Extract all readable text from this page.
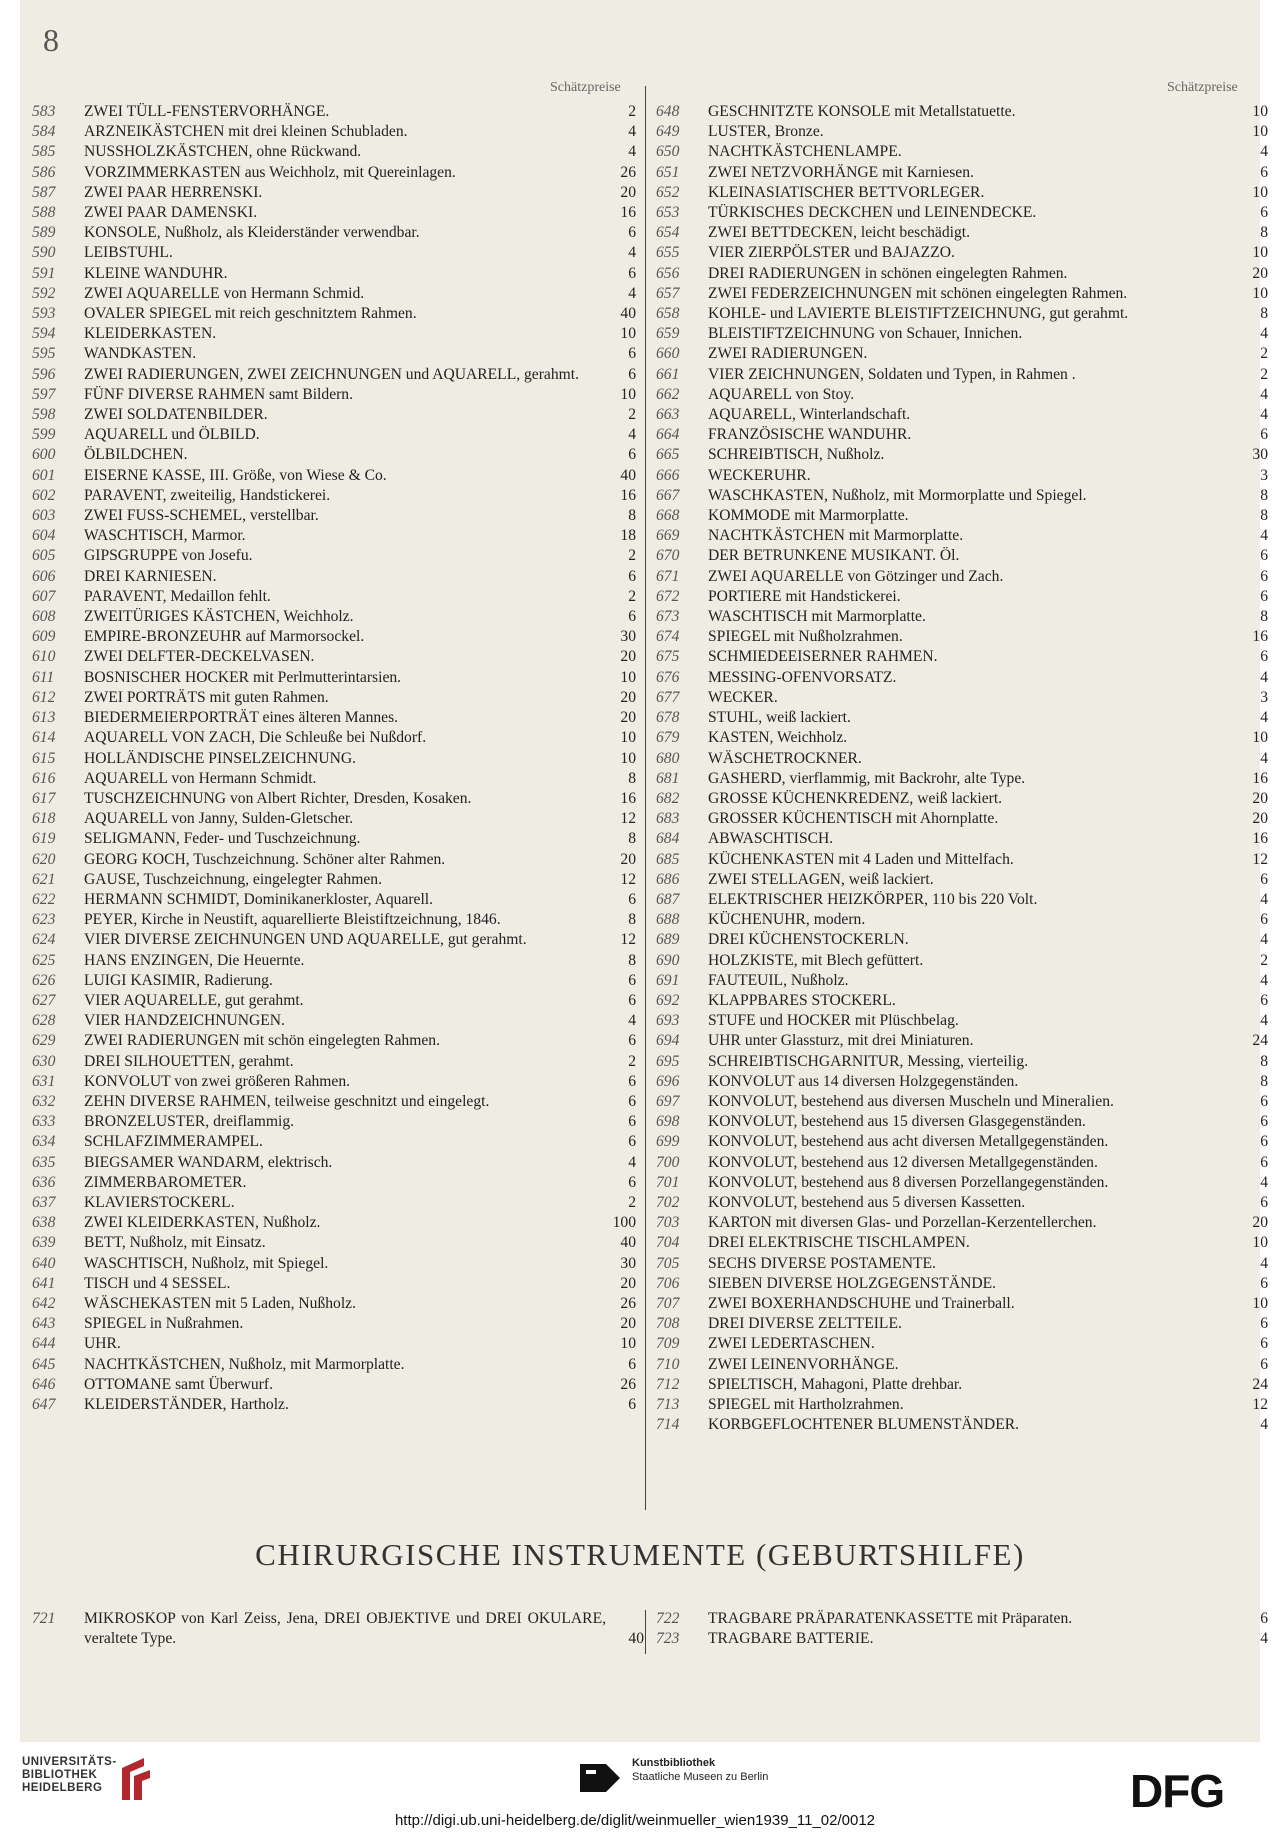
8
Schätzpreise	Schätzpreise
583	ZWEI TÜLL-FENSTERVORHÄNGE.	2
584	ARZNEIKÄSTCHEN mit drei kleinen Schubladen.	4
585	NUSSHOLZKÄSTCHEN, ohne Rückwand.	4
586	VORZIMMERKASTEN aus Weichholz, mit Quereinlagen.	26
587	ZWEI PAAR HERRENSKI.	20
588	ZWEI PAAR DAMENSKI.	16
589	KONSOLE, Nußholz, als Kleiderständer verwendbar.	6
590	LEIBSTUHL.	4
591	KLEINE WANDUHR.	6
592	ZWEI AQUARELLE von Hermann Schmid.	4
593	OVALER SPIEGEL mit reich geschnitztem Rahmen.	40
594	KLEIDERKASTEN.	10
595	WANDKASTEN.	6
596	ZWEI RADIERUNGEN, ZWEI ZEICHNUNGEN und AQUARELL, gerahmt.	6
597	FÜNF DIVERSE RAHMEN samt Bildern.	10
598	ZWEI SOLDATENBILDER.	2
599	AQUARELL und ÖLBILD.	4
600	ÖLBILDCHEN.	6
601	EISERNE KASSE, III. Größe, von Wiese & Co.	40
602	PARAVENT, zweiteilig, Handstickerei.	16
603	ZWEI FUSS-SCHEMEL, verstellbar.	8
604	WASCHTISCH, Marmor.	18
605	GIPSGRUPPE von Josefu.	2
606	DREI KARNIESEN.	6
607	PARAVENT, Medaillon fehlt.	2
608	ZWEITÜRIGES KÄSTCHEN, Weichholz.	6
609	EMPIRE-BRONZEUHR auf Marmorsockel.	30
610	ZWEI DELFTER-DECKELVASEN.	20
611	BOSNISCHER HOCKER mit Perlmutterintarsien.	10
612	ZWEI PORTRÄTS mit guten Rahmen.	20
613	BIEDERMEIERPORTRÄT eines älteren Mannes.	20
614	AQUARELL VON ZACH, Die Schleuße bei Nußdorf.	10
615	HOLLÄNDISCHE PINSELZEICHNUNG.	10
616	AQUARELL von Hermann Schmidt.	8
617	TUSCHZEICHNUNG von Albert Richter, Dresden, Kosaken.	16
618	AQUARELL von Janny, Sulden-Gletscher.	12
619	SELIGMANN, Feder- und Tuschzeichnung.	8
620	GEORG KOCH, Tuschzeichnung. Schöner alter Rahmen.	20
621	GAUSE, Tuschzeichnung, eingelegter Rahmen.	12
622	HERMANN SCHMIDT, Dominikanerkloster, Aquarell.	6
623	PEYER, Kirche in Neustift, aquarellierte Bleistiftzeichnung, 1846.	8
624	VIER DIVERSE ZEICHNUNGEN UND AQUARELLE, gut gerahmt.	12
625	HANS ENZINGEN, Die Heuernte.	8
626	LUIGI KASIMIR, Radierung.	6
627	VIER AQUARELLE, gut gerahmt.	6
628	VIER HANDZEICHNUNGEN.	4
629	ZWEI RADIERUNGEN mit schön eingelegten Rahmen.	6
630	DREI SILHOUETTEN, gerahmt.	2
631	KONVOLUT von zwei größeren Rahmen.	6
632	ZEHN DIVERSE RAHMEN, teilweise geschnitzt und eingelegt.	6
633	BRONZELUSTER, dreiflammig.	6
634	SCHLAFZIMMERAMPEL.	6
635	BIEGSAMER WANDARM, elektrisch.	4
636	ZIMMERBAROMETER.	6
637	KLAVIERSTOCKERL.	2
638	ZWEI KLEIDERKASTEN, Nußholz.	100
639	BETT, Nußholz, mit Einsatz.	40
640	WASCHTISCH, Nußholz, mit Spiegel.	30
641	TISCH und 4 SESSEL.	20
642	WÄSCHEKASTEN mit 5 Laden, Nußholz.	26
643	SPIEGEL in Nußrahmen.	20
644	UHR.	10
645	NACHTKÄSTCHEN, Nußholz, mit Marmorplatte.	6
646	OTTOMANE samt Überwurf.	26
647	KLEIDERSTÄNDER, Hartholz.	6
648	GESCHNITZTE KONSOLE mit Metallstatuette.	10
649	LUSTER, Bronze.	10
650	NACHTKÄSTCHENLAMPE.	4
651	ZWEI NETZVORHÄNGE mit Karniesen.	6
652	KLEINASIATISCHER BETTVORLEGER.	10
653	TÜRKISCHES DECKCHEN und LEINENDECKE.	6
654	ZWEI BETTDECKEN, leicht beschädigt.	8
655	VIER ZIERPÖLSTER und BAJAZZO.	10
656	DREI RADIERUNGEN in schönen eingelegten Rahmen.	20
657	ZWEI FEDERZEICHNUNGEN mit schönen eingelegten Rahmen.	10
658	KOHLE- und LAVIERTE BLEISTIFTZEICHNUNG, gut gerahmt.	8
659	BLEISTIFTZEICHNUNG von Schauer, Innichen.	4
660	ZWEI RADIERUNGEN.	2
661	VIER ZEICHNUNGEN, Soldaten und Typen, in Rahmen .	2
662	AQUARELL von Stoy.	4
663	AQUARELL, Winterlandschaft.	4
664	FRANZÖSISCHE WANDUHR.	6
665	SCHREIBTISCH, Nußholz.	30
666	WECKERUHR.	3
667	WASCHKASTEN, Nußholz, mit Mormorplatte und Spiegel.	8
668	KOMMODE mit Marmorplatte.	8
669	NACHTKÄSTCHEN mit Marmorplatte.	4
670	DER BETRUNKENE MUSIKANT. Öl.	6
671	ZWEI AQUARELLE von Götzinger und Zach.	6
672	PORTIERE mit Handstickerei.	6
673	WASCHTISCH mit Marmorplatte.	8
674	SPIEGEL mit Nußholzrahmen.	16
675	SCHMIEDEEISERNER RAHMEN.	6
676	MESSING-OFENVORSATZ.	4
677	WECKER.	3
678	STUHL, weiß lackiert.	4
679	KASTEN, Weichholz.	10
680	WÄSCHETROCKNER.	4
681	GASHERD, vierflammig, mit Backrohr, alte Type.	16
682	GROSSE KÜCHENKREDENZ, weiß lackiert.	20
683	GROSSER KÜCHENTISCH mit Ahornplatte.	20
684	ABWASCHTISCH.	16
685	KÜCHENKASTEN mit 4 Laden und Mittelfach.	12
686	ZWEI STELLAGEN, weiß lackiert.	6
687	ELEKTRISCHER HEIZKÖRPER, 110 bis 220 Volt.	4
688	KÜCHENUHR, modern.	6
689	DREI KÜCHENSTOCKERLN.	4
690	HOLZKISTE, mit Blech gefüttert.	2
691	FAUTEUIL, Nußholz.	4
692	KLAPPBARES STOCKERL.	6
693	STUFE und HOCKER mit Plüschbelag.	4
694	UHR unter Glassturz, mit drei Miniaturen.	24
695	SCHREIBTISCHGARNITUR, Messing, vierteilig.	8
696	KONVOLUT aus 14 diversen Holzgegenständen.	8
697	KONVOLUT, bestehend aus diversen Muscheln und Mineralien.	6
698	KONVOLUT, bestehend aus 15 diversen Glasgegenständen.	6
699	KONVOLUT, bestehend aus acht diversen Metallgegenständen.	6
700	KONVOLUT, bestehend aus 12 diversen Metallgegenständen.	6
701	KONVOLUT, bestehend aus 8 diversen Porzellangegenständen.	4
702	KONVOLUT, bestehend aus 5 diversen Kassetten.	6
703	KARTON mit diversen Glas- und Porzellan-Kerzentellerchen.	20
704	DREI ELEKTRISCHE TISCHLAMPEN.	10
705	SECHS DIVERSE POSTAMENTE.	4
706	SIEBEN DIVERSE HOLZGEGENSTÄNDE.	6
707	ZWEI BOXERHANDSCHUHE und Trainerball.	10
708	DREI DIVERSE ZELTTEILE.	6
709	ZWEI LEDERTASCHEN.	6
710	ZWEI LEINENVORHÄNGE.	6
712	SPIELTISCH, Mahagoni, Platte drehbar.	24
713	SPIEGEL mit Hartholzrahmen.	12
714	KORBGEFLOCHTENER BLUMENSTÄNDER.	4
CHIRURGISCHE INSTRUMENTE (GEBURTSHILFE)
721	MIKROSKOP von Karl Zeiss, Jena, DREI OBJEKTIVE und DREI OKULARE, veraltete Type.	40
722	TRAGBARE PRÄPARATENKASSETTE mit Präparaten.	6
723	TRAGBARE BATTERIE.	4
UNIVERSITÄTS-
BIBLIOTHEK
HEIDELBERG
Kunstbibliothek
Staatliche Museen zu Berlin	DFG
http://digi.ub.uni-heidelberg.de/diglit/weinmueller_wien1939_11_02/0012
